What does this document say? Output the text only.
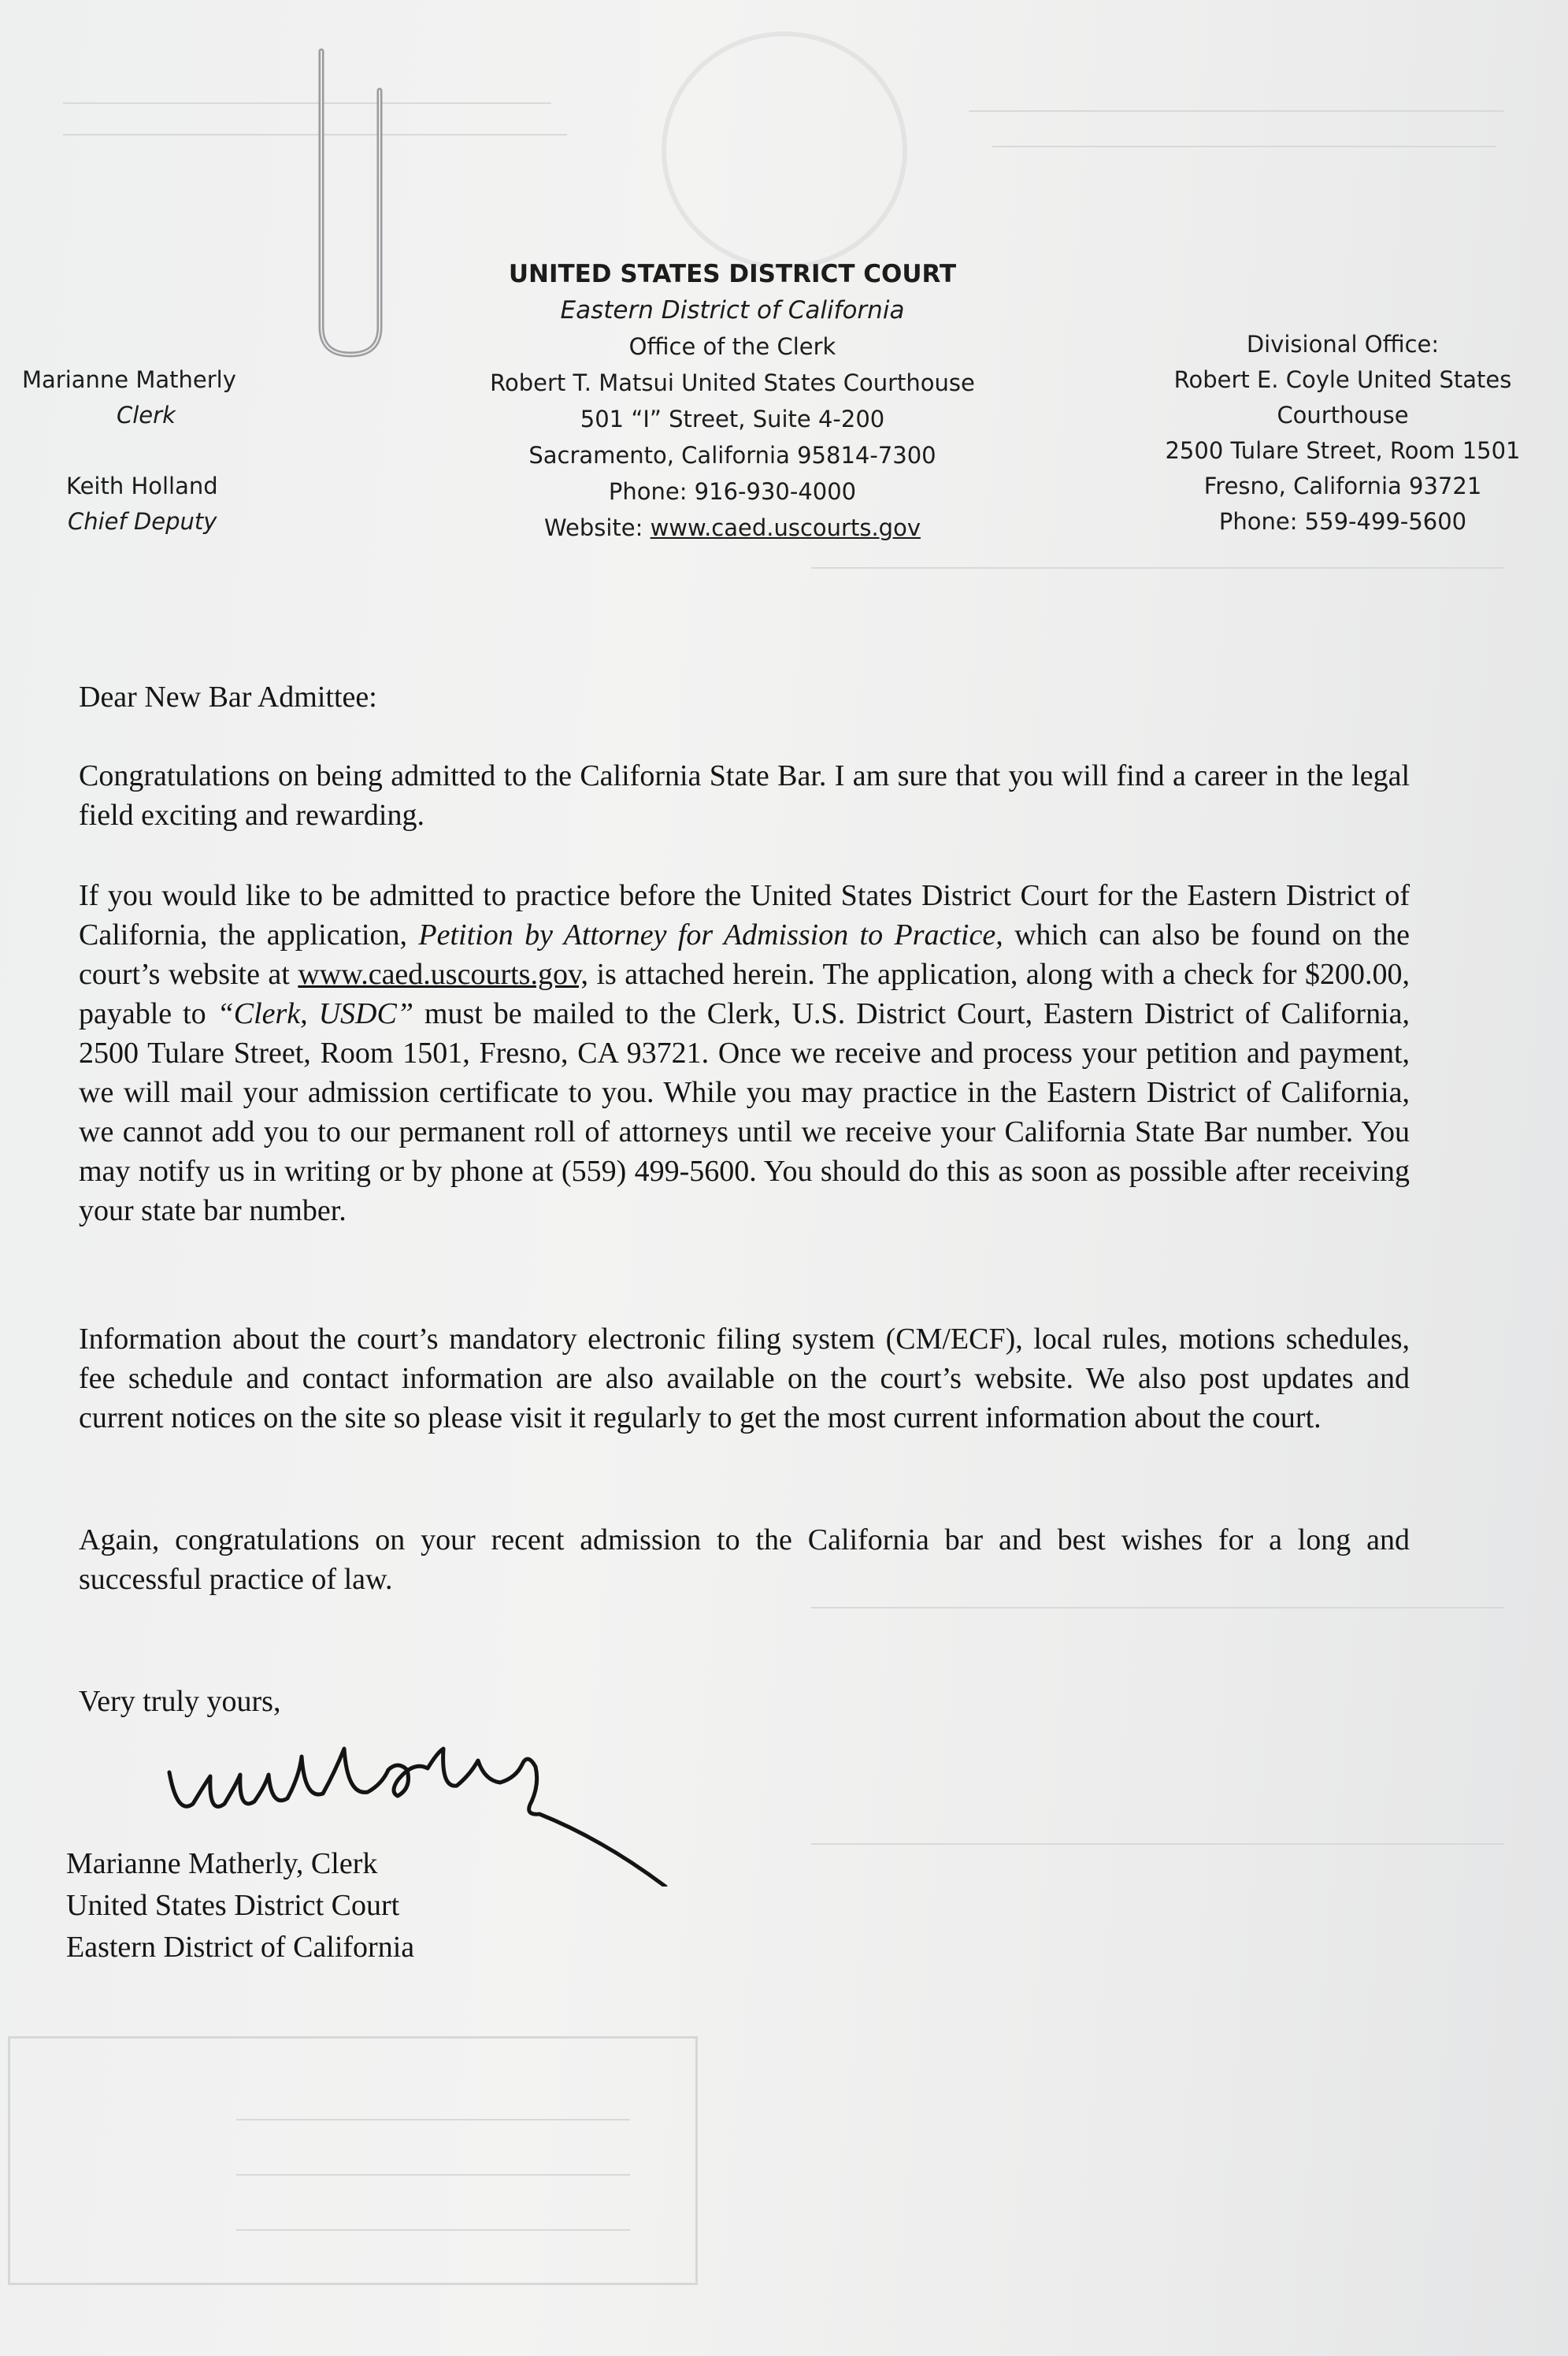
UNITED STATES DISTRICT COURT
Eastern District of California
Office of the Clerk
Robert T. Matsui United States Courthouse
501 “I” Street, Suite 4-200
Sacramento, California 95814-7300
Phone: 916-930-4000
Website: www.caed.uscourts.gov
Marianne Matherly
Clerk
Keith Holland
Chief Deputy
Divisional Office:
Robert E. Coyle United States
Courthouse
2500 Tulare Street, Room 1501
Fresno, California 93721
Phone: 559-499-5600
Dear New Bar Admittee:

Congratulations on being admitted to the California State Bar. I am sure that you will find a career in the legal field exciting and rewarding.

If you would like to be admitted to practice before the United States District Court for the Eastern District of California, the application, Petition by Attorney for Admission to Practice, which can also be found on the court’s website at www.caed.uscourts.gov, is attached herein. The application, along with a check for $200.00, payable to “Clerk, USDC” must be mailed to the Clerk, U.S. District Court, Eastern District of California, 2500 Tulare Street, Room 1501, Fresno, CA 93721. Once we receive and process your petition and payment, we will mail your admission certificate to you. While you may practice in the Eastern District of California, we cannot add you to our permanent roll of attorneys until we receive your California State Bar number. You may notify us in writing or by phone at (559) 499-5600. You should do this as soon as possible after receiving your state bar number.

Information about the court’s mandatory electronic filing system (CM/ECF), local rules, motions schedules, fee schedule and contact information are also available on the court’s website. We also post updates and current notices on the site so please visit it regularly to get the most current information about the court.

Again, congratulations on your recent admission to the California bar and best wishes for a long and successful practice of law.

Very truly yours,
Marianne Matherly, Clerk
United States District Court
Eastern District of California
